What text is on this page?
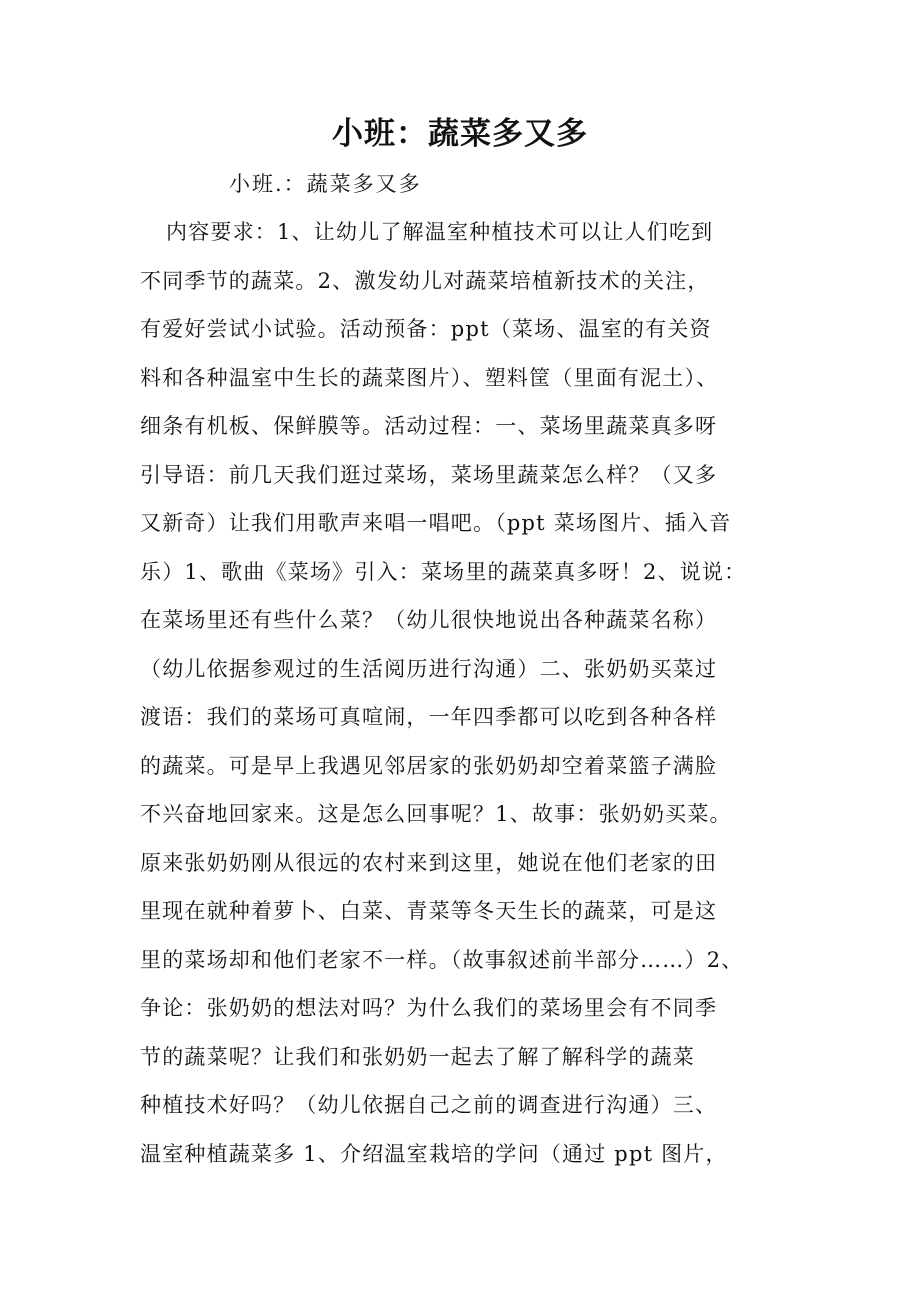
小班：蔬菜多又多
小班.：蔬菜多又多
内容要求：1、让幼儿了解温室种植技术可以让人们吃到
不同季节的蔬菜。2、激发幼儿对蔬菜培植新技术的关注，
有爱好尝试小试验。活动预备：ppt（菜场、温室的有关资
料和各种温室中生长的蔬菜图片）、塑料筐（里面有泥土）、
细条有机板、保鲜膜等。活动过程：一、菜场里蔬菜真多呀
引导语：前几天我们逛过菜场，菜场里蔬菜怎么样？（又多
又新奇）让我们用歌声来唱一唱吧。（ppt 菜场图片、插入音
乐）1、歌曲《菜场》引入：菜场里的蔬菜真多呀！2、说说：
在菜场里还有些什么菜？（幼儿很快地说出各种蔬菜名称）
（幼儿依据参观过的生活阅历进行沟通）二、张奶奶买菜过
渡语：我们的菜场可真喧闹，一年四季都可以吃到各种各样
的蔬菜。可是早上我遇见邻居家的张奶奶却空着菜篮子满脸
不兴奋地回家来。这是怎么回事呢？1、故事：张奶奶买菜。
原来张奶奶刚从很远的农村来到这里，她说在他们老家的田
里现在就种着萝卜、白菜、青菜等冬天生长的蔬菜，可是这
里的菜场却和他们老家不一样。（故事叙述前半部分……）2、
争论：张奶奶的想法对吗？为什么我们的菜场里会有不同季
节的蔬菜呢？让我们和张奶奶一起去了解了解科学的蔬菜
种植技术好吗？（幼儿依据自己之前的调查进行沟通）三、
温室种植蔬菜多 1、介绍温室栽培的学问（通过 ppt 图片，
